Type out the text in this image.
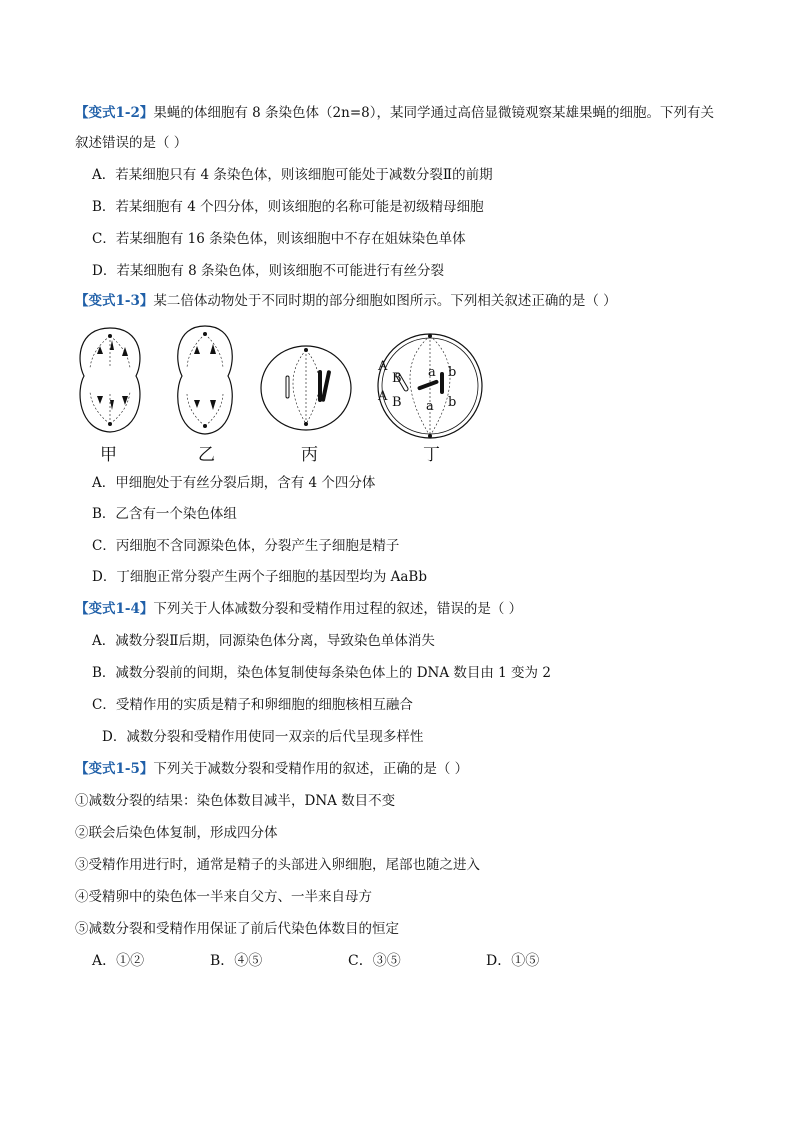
【变式1-2】果蝇的体细胞有 8 条染色体（2n=8），某同学通过高倍显微镜观察某雄果蝇的细胞。下列有关
叙述错误的是（ ）
A．若某细胞只有 4 条染色体，则该细胞可能处于减数分裂Ⅱ的前期
B．若某细胞有 4 个四分体，则该细胞的名称可能是初级精母细胞
C．若某细胞有 16 条染色体，则该细胞中不存在姐妹染色单体
D．若某细胞有 8 条染色体，则该细胞不可能进行有丝分裂
【变式1-3】某二倍体动物处于不同时期的部分细胞如图所示。下列相关叙述正确的是（ ）
A
B
A B
a b
a b
甲	乙	丙	丁
A．甲细胞处于有丝分裂后期，含有 4 个四分体
B．乙含有一个染色体组
C．丙细胞不含同源染色体，分裂产生子细胞是精子
D．丁细胞正常分裂产生两个子细胞的基因型均为 AaBb
【变式1-4】下列关于人体减数分裂和受精作用过程的叙述，错误的是（ ）
A．减数分裂Ⅱ后期，同源染色体分离，导致染色单体消失
B．减数分裂前的间期，染色体复制使每条染色体上的 DNA 数目由 1 变为 2
C．受精作用的实质是精子和卵细胞的细胞核相互融合
D．减数分裂和受精作用使同一双亲的后代呈现多样性
【变式1-5】下列关于减数分裂和受精作用的叙述，正确的是（ ）
①减数分裂的结果：染色体数目减半，DNA 数目不变
②联会后染色体复制，形成四分体
③受精作用进行时，通常是精子的头部进入卵细胞，尾部也随之进入
④受精卵中的染色体一半来自父方、一半来自母方
⑤减数分裂和受精作用保证了前后代染色体数目的恒定
A．①②	B．④⑤	C．③⑤	D．①⑤
